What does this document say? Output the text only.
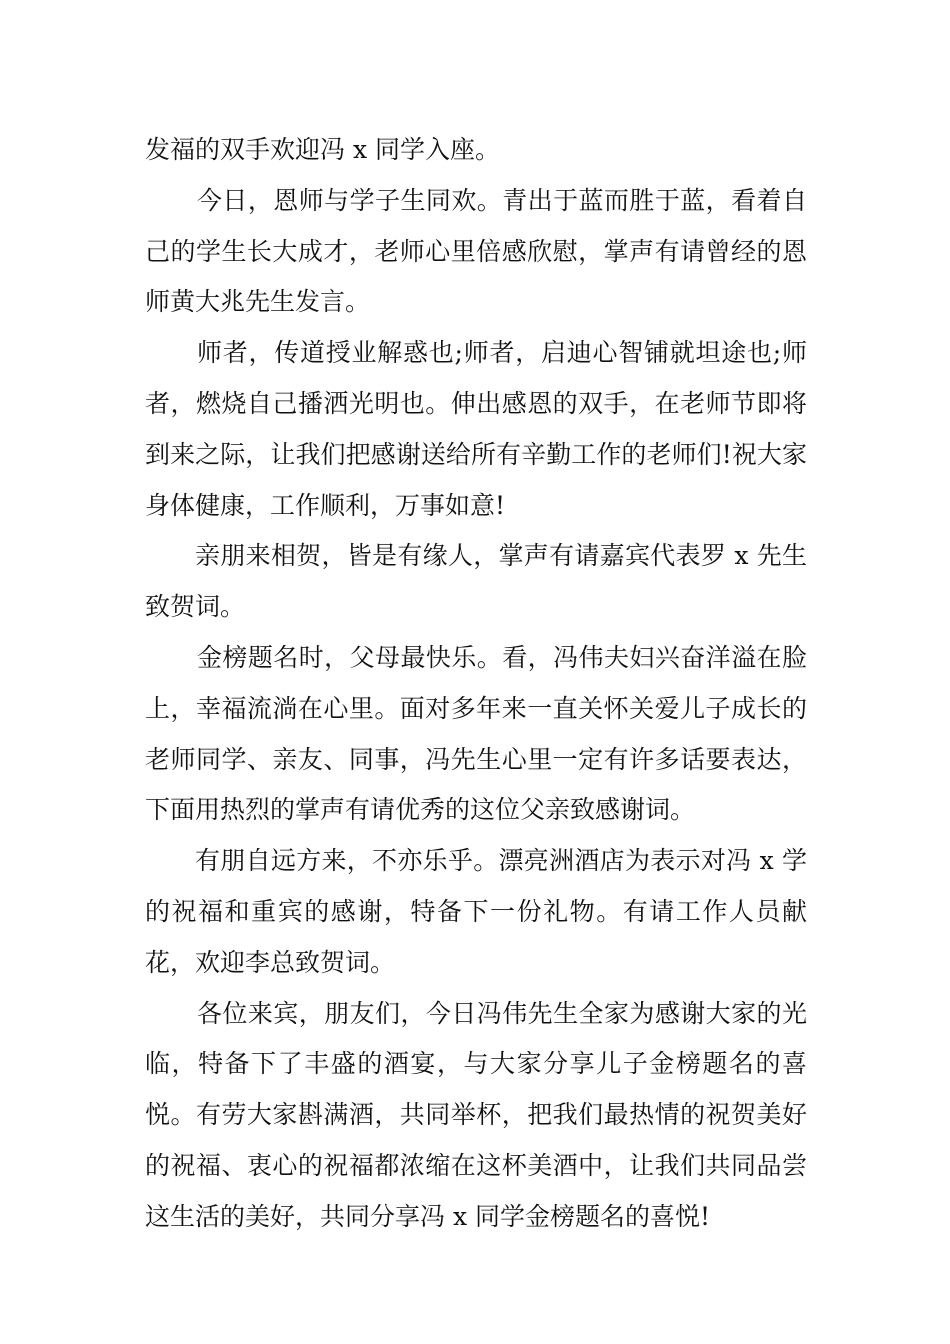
发福的双手欢迎冯 x 同学入座。

今日，恩师与学子生同欢。青出于蓝而胜于蓝，看着自己的学生长大成才，老师心里倍感欣慰，掌声有请曾经的恩师黄大兆先生发言。

师者，传道授业解惑也;师者，启迪心智铺就坦途也;师者，燃烧自己播洒光明也。伸出感恩的双手，在老师节即将到来之际，让我们把感谢送给所有辛勤工作的老师们!祝大家身体健康，工作顺利，万事如意!

亲朋来相贺，皆是有缘人，掌声有请嘉宾代表罗 x 先生致贺词。

金榜题名时，父母最快乐。看，冯伟夫妇兴奋洋溢在脸上，幸福流淌在心里。面对多年来一直关怀关爱儿子成长的老师同学、亲友、同事，冯先生心里一定有许多话要表达，下面用热烈的掌声有请优秀的这位父亲致感谢词。

有朋自远方来，不亦乐乎。漂亮洲酒店为表示对冯 x 学的祝福和重宾的感谢，特备下一份礼物。有请工作人员献花，欢迎李总致贺词。

各位来宾，朋友们，今日冯伟先生全家为感谢大家的光临，特备下了丰盛的酒宴，与大家分享儿子金榜题名的喜悦。有劳大家斟满酒，共同举杯，把我们最热情的祝贺美好的祝福、衷心的祝福都浓缩在这杯美酒中，让我们共同品尝这生活的美好，共同分享冯 x 同学金榜题名的喜悦!
